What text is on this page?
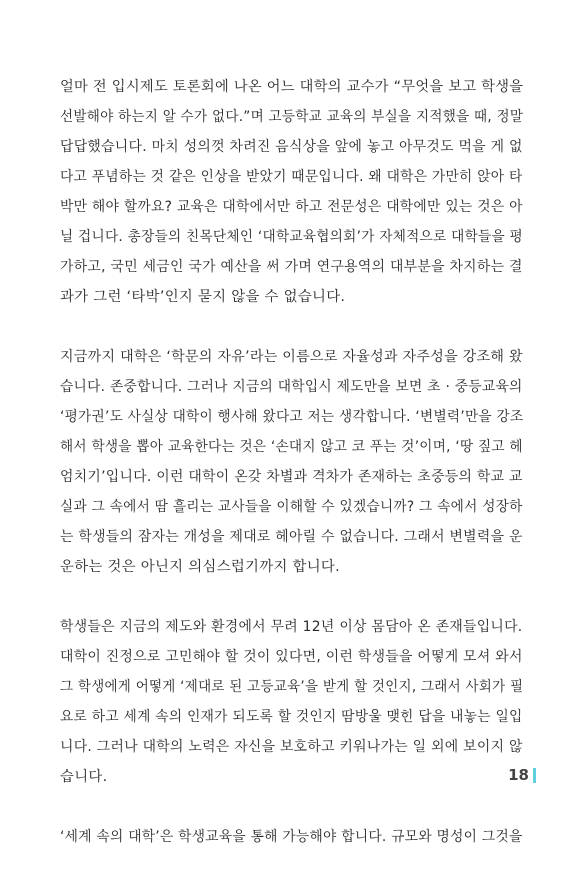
얼마 전 입시제도 토론회에 나온 어느 대학의 교수가 “무엇을 보고 학생을
선발해야 하는지 알 수가 없다.”며 고등학교 교육의 부실을 지적했을 때, 정말
답답했습니다. 마치 성의껏 차려진 음식상을 앞에 놓고 아무것도 먹을 게 없
다고 푸념하는 것 같은 인상을 받았기 때문입니다. 왜 대학은 가만히 앉아 타
박만 해야 할까요? 교육은 대학에서만 하고 전문성은 대학에만 있는 것은 아
닐 겁니다. 총장들의 친목단체인 ‘대학교육협의회’가 자체적으로 대학들을 평
가하고, 국민 세금인 국가 예산을 써 가며 연구용역의 대부분을 차지하는 결
과가 그런 ‘타박’인지 묻지 않을 수 없습니다.
지금까지 대학은 ‘학문의 자유’라는 이름으로 자율성과 자주성을 강조해 왔
습니다. 존중합니다. 그러나 지금의 대학입시 제도만을 보면 초 · 중등교육의
‘평가권’도 사실상 대학이 행사해 왔다고 저는 생각합니다. ‘변별력’만을 강조
해서 학생을 뽑아 교육한다는 것은 ‘손대지 않고 코 푸는 것’이며, ‘땅 짚고 헤
엄치기’입니다. 이런 대학이 온갖 차별과 격차가 존재하는 초중등의 학교 교
실과 그 속에서 땀 흘리는 교사들을 이해할 수 있겠습니까? 그 속에서 성장하
는 학생들의 잠자는 개성을 제대로 헤아릴 수 없습니다. 그래서 변별력을 운
운하는 것은 아닌지 의심스럽기까지 합니다.
학생들은 지금의 제도와 환경에서 무려 12년 이상 몸담아 온 존재들입니다.
대학이 진정으로 고민해야 할 것이 있다면, 이런 학생들을 어떻게 모셔 와서
그 학생에게 어떻게 ‘제대로 된 고등교육’을 받게 할 것인지, 그래서 사회가 필
요로 하고 세계 속의 인재가 되도록 할 것인지 땀방울 맺힌 답을 내놓는 일입
니다. 그러나 대학의 노력은 자신을 보호하고 키워나가는 일 외에 보이지 않
습니다.
‘세계 속의 대학’은 학생교육을 통해 가능해야 합니다. 규모와 명성이 그것을
18
